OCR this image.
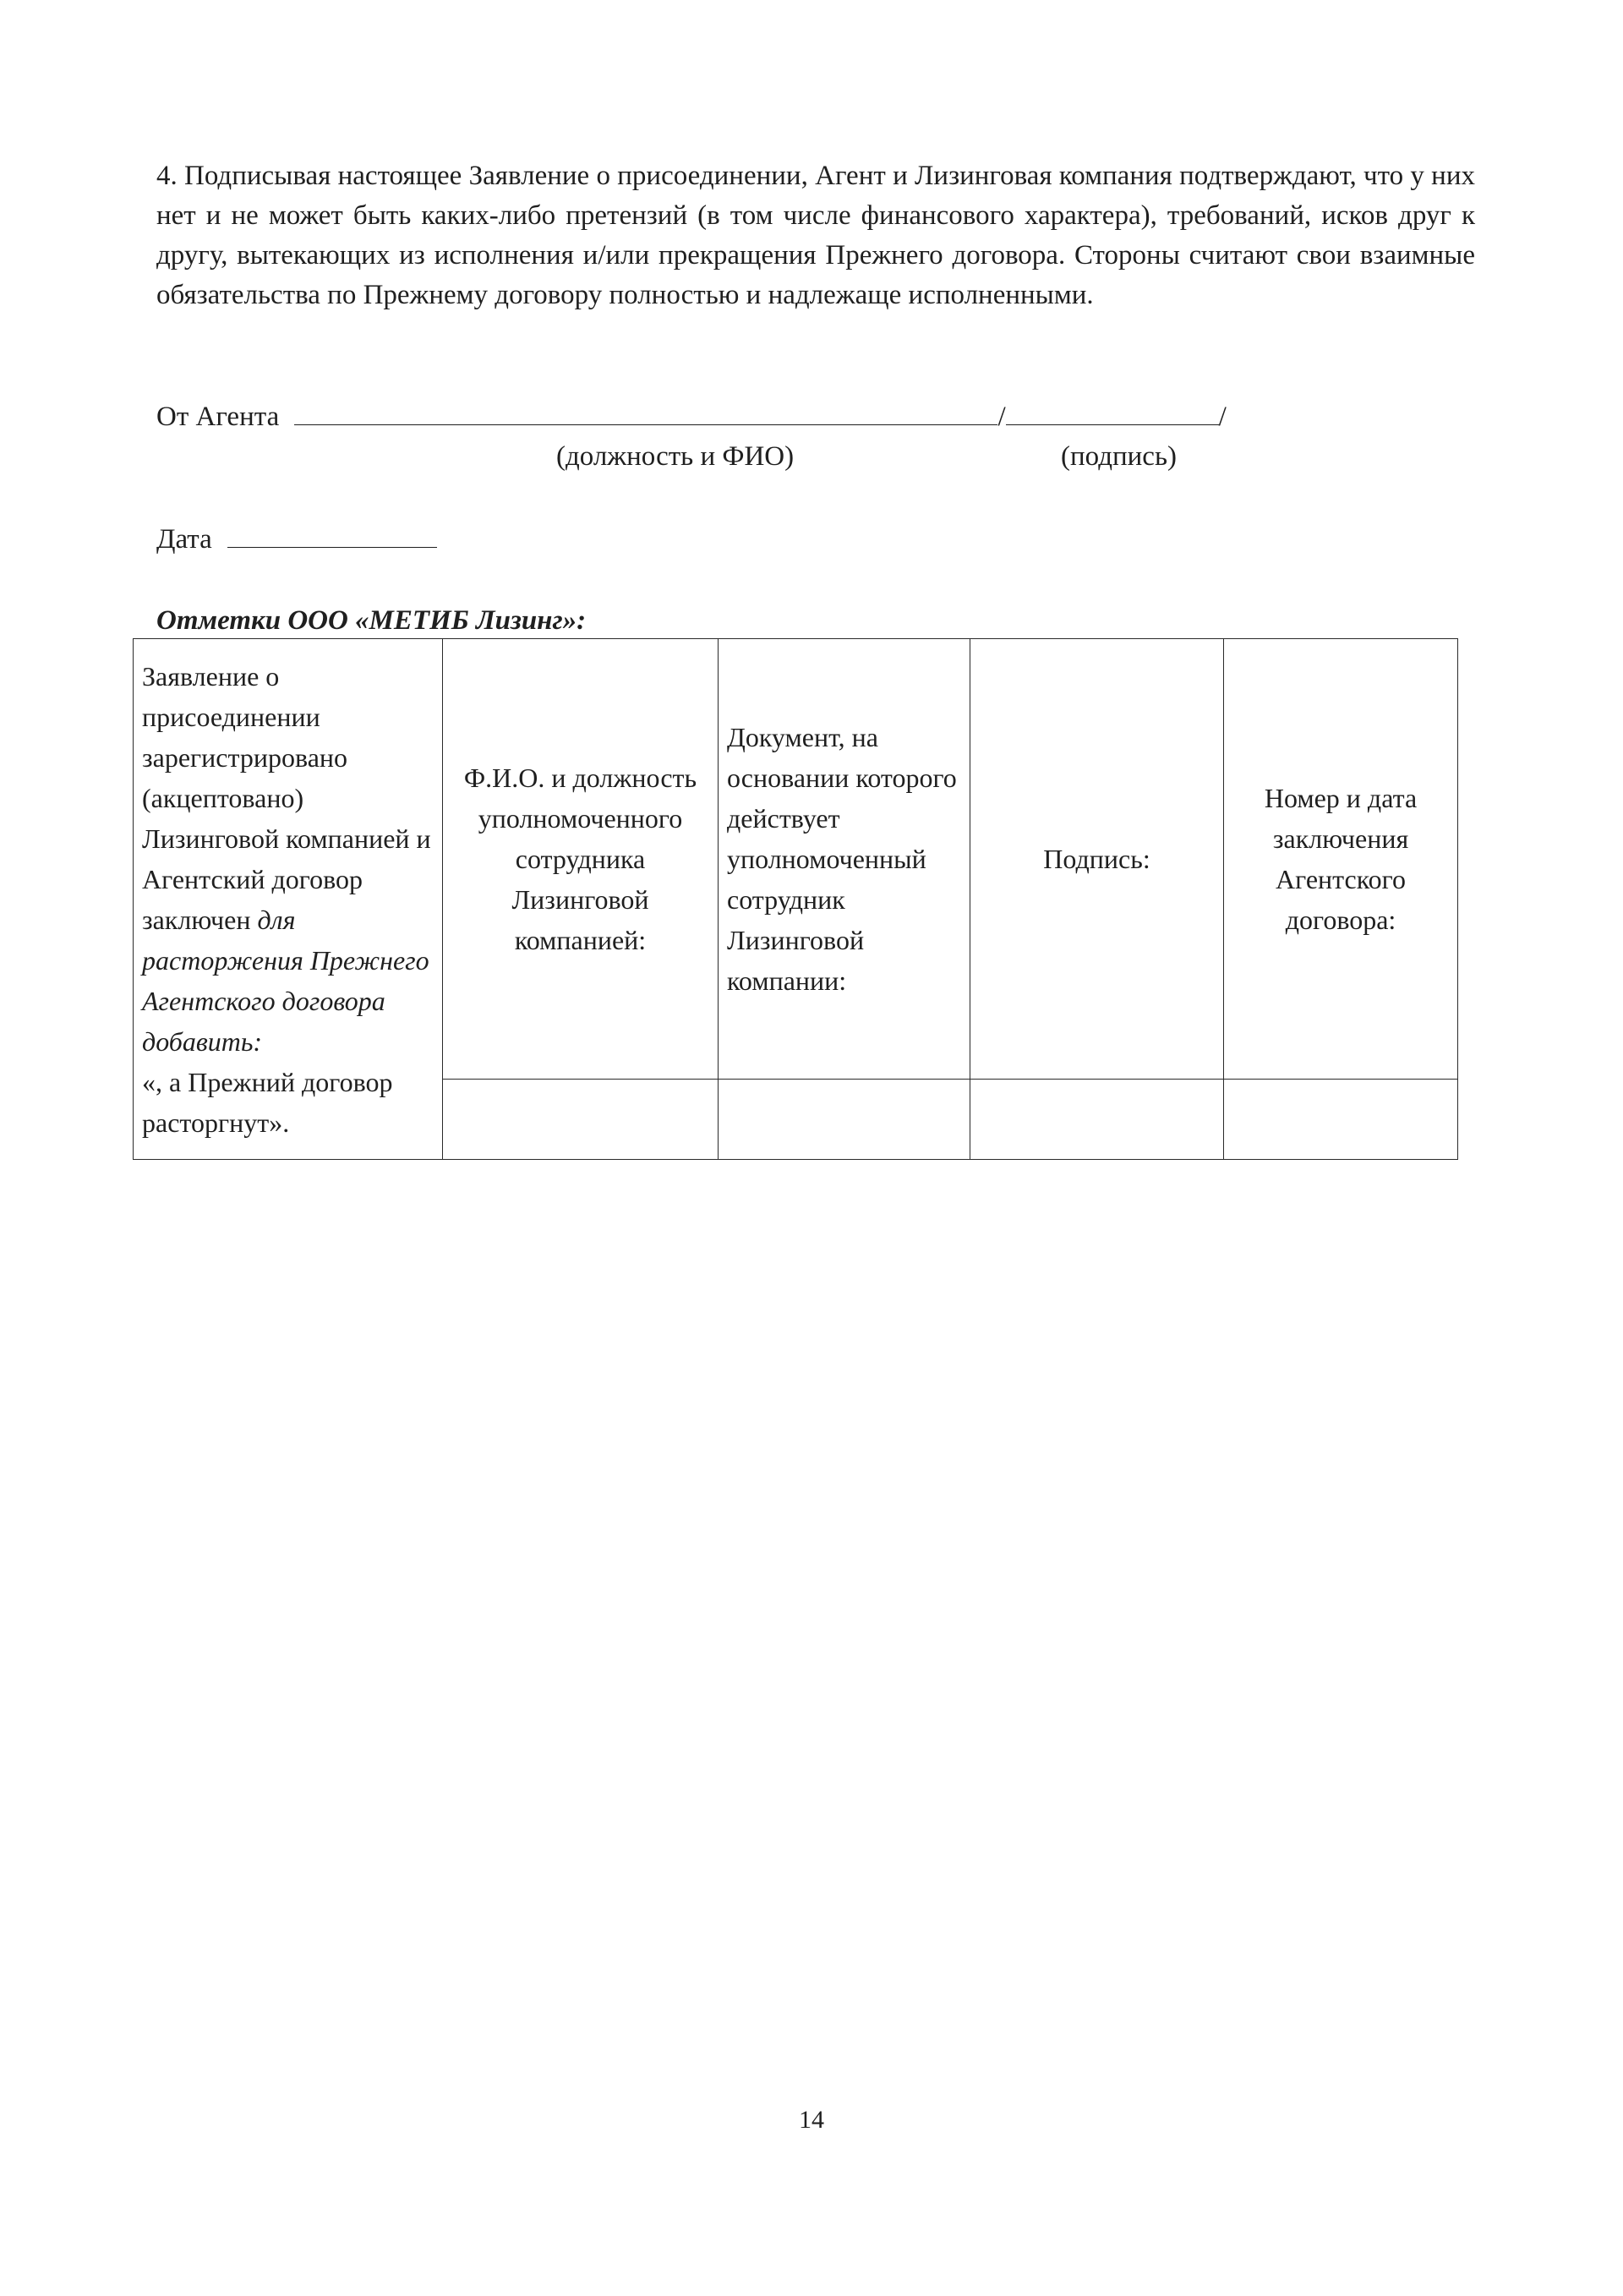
4. Подписывая настоящее Заявление о присоединении, Агент и Лизинговая компания подтверждают, что у них нет и не может быть каких-либо претензий (в том числе финансового характера), требований, исков друг к другу, вытекающих из исполнения и/или прекращения Прежнего договора. Стороны считают свои взаимные обязательства по Прежнему договору полностью и надлежаще исполненными.

От Агента	/	/
(должность и ФИО)	(подпись)
Дата
Отметки ООО «МЕТИБ Лизинг»:
Заявление о присоединении зарегистрировано (акцептовано) Лизинговой компанией и Агентский договор заключен для расторжения Прежнего Агентского договора добавить:
«, а Прежний договор расторгнут».	Ф.И.О. и должность уполномоченного сотрудника Лизинговой компанией:	Документ, на основании которого действует уполномоченный сотрудник Лизинговой компании:	Подпись:	Номер и дата заключения Агентского договора:

14
